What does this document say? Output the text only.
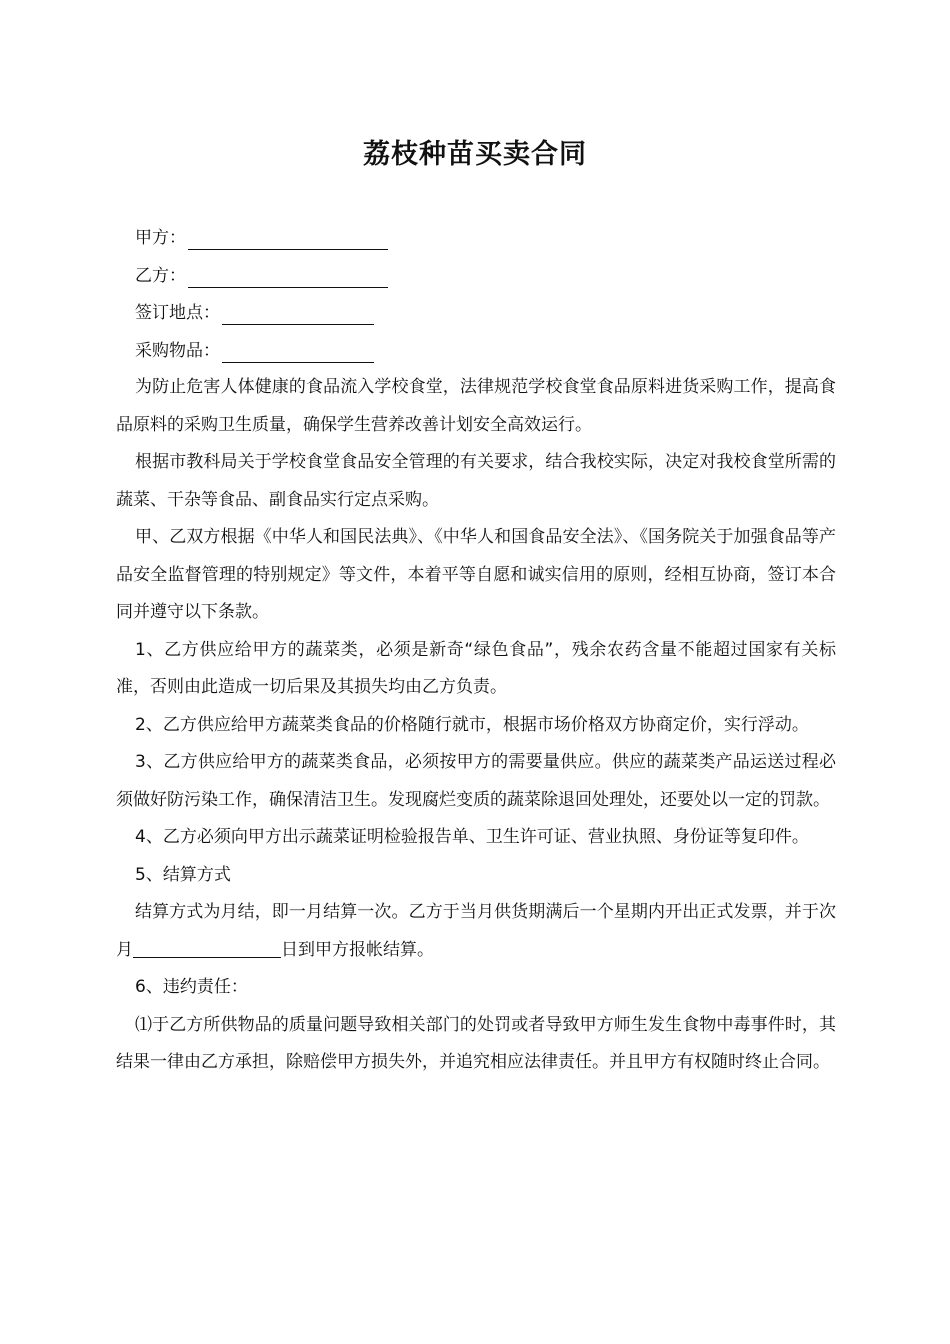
荔枝种苗买卖合同
甲方：
乙方：
签订地点：
采购物品：

为防止危害人体健康的食品流入学校食堂，法律规范学校食堂食品原料进货采购工作，提高食品原料的采购卫生质量，确保学生营养改善计划安全高效运行。

根据市教科局关于学校食堂食品安全管理的有关要求，结合我校实际，决定对我校食堂所需的蔬菜、干杂等食品、副食品实行定点采购。

甲、乙双方根据《中华人和国民法典》、《中华人和国食品安全法》、《国务院关于加强食品等产品安全监督管理的特别规定》等文件，本着平等自愿和诚实信用的原则，经相互协商，签订本合同并遵守以下条款。

1、乙方供应给甲方的蔬菜类，必须是新奇“绿色食品”，残余农药含量不能超过国家有关标准，否则由此造成一切后果及其损失均由乙方负责。

2、乙方供应给甲方蔬菜类食品的价格随行就市，根据市场价格双方协商定价，实行浮动。

3、乙方供应给甲方的蔬菜类食品，必须按甲方的需要量供应。供应的蔬菜类产品运送过程必须做好防污染工作，确保清洁卫生。发现腐烂变质的蔬菜除退回处理处，还要处以一定的罚款。

4、乙方必须向甲方出示蔬菜证明检验报告单、卫生许可证、营业执照、身份证等复印件。

5、结算方式

结算方式为月结，即一月结算一次。乙方于当月供货期满后一个星期内开出正式发票，并于次月	日到甲方报帐结算。

6、违约责任：

⑴于乙方所供物品的质量问题导致相关部门的处罚或者导致甲方师生发生食物中毒事件时，其结果一律由乙方承担，除赔偿甲方损失外，并追究相应法律责任。并且甲方有权随时终止合同。
